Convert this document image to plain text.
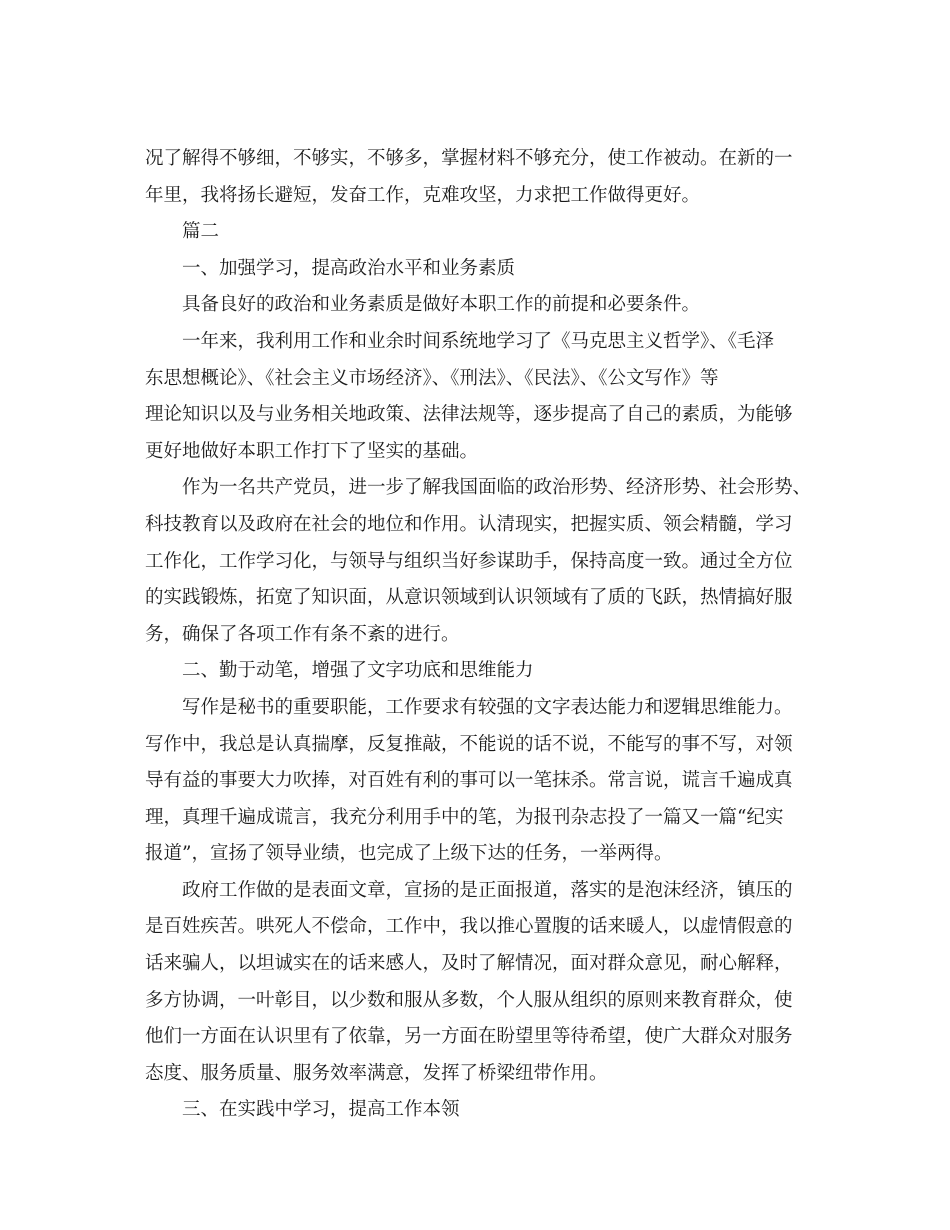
况了解得不够细，不够实，不够多，掌握材料不够充分，使工作被动。在新的一
年里，我将扬长避短，发奋工作，克难攻坚，力求把工作做得更好。
篇二
一、加强学习，提高政治水平和业务素质
具备良好的政治和业务素质是做好本职工作的前提和必要条件。
一年来，我利用工作和业余时间系统地学习了《马克思主义哲学》、《毛泽
东思想概论》、《社会主义市场经济》、《刑法》、《民法》、《公文写作》等
理论知识以及与业务相关地政策、法律法规等，逐步提高了自己的素质，为能够
更好地做好本职工作打下了坚实的基础。
作为一名共产党员，进一步了解我国面临的政治形势、经济形势、社会形势、
科技教育以及政府在社会的地位和作用。认清现实，把握实质、领会精髓，学习
工作化，工作学习化，与领导与组织当好参谋助手，保持高度一致。通过全方位
的实践锻炼，拓宽了知识面，从意识领域到认识领域有了质的飞跃，热情搞好服
务，确保了各项工作有条不紊的进行。
二、勤于动笔，增强了文字功底和思维能力
写作是秘书的重要职能，工作要求有较强的文字表达能力和逻辑思维能力。
写作中，我总是认真揣摩，反复推敲，不能说的话不说，不能写的事不写，对领
导有益的事要大力吹捧，对百姓有利的事可以一笔抹杀。常言说，谎言千遍成真
理，真理千遍成谎言，我充分利用手中的笔，为报刊杂志投了一篇又一篇“纪实
报道”，宣扬了领导业绩，也完成了上级下达的任务，一举两得。
政府工作做的是表面文章，宣扬的是正面报道，落实的是泡沫经济，镇压的
是百姓疾苦。哄死人不偿命，工作中，我以推心置腹的话来暖人，以虚情假意的
话来骗人，以坦诚实在的话来感人，及时了解情况，面对群众意见，耐心解释，
多方协调，一叶彰目，以少数和服从多数，个人服从组织的原则来教育群众，使
他们一方面在认识里有了依靠，另一方面在盼望里等待希望，使广大群众对服务
态度、服务质量、服务效率满意，发挥了桥梁纽带作用。
三、在实践中学习，提高工作本领
